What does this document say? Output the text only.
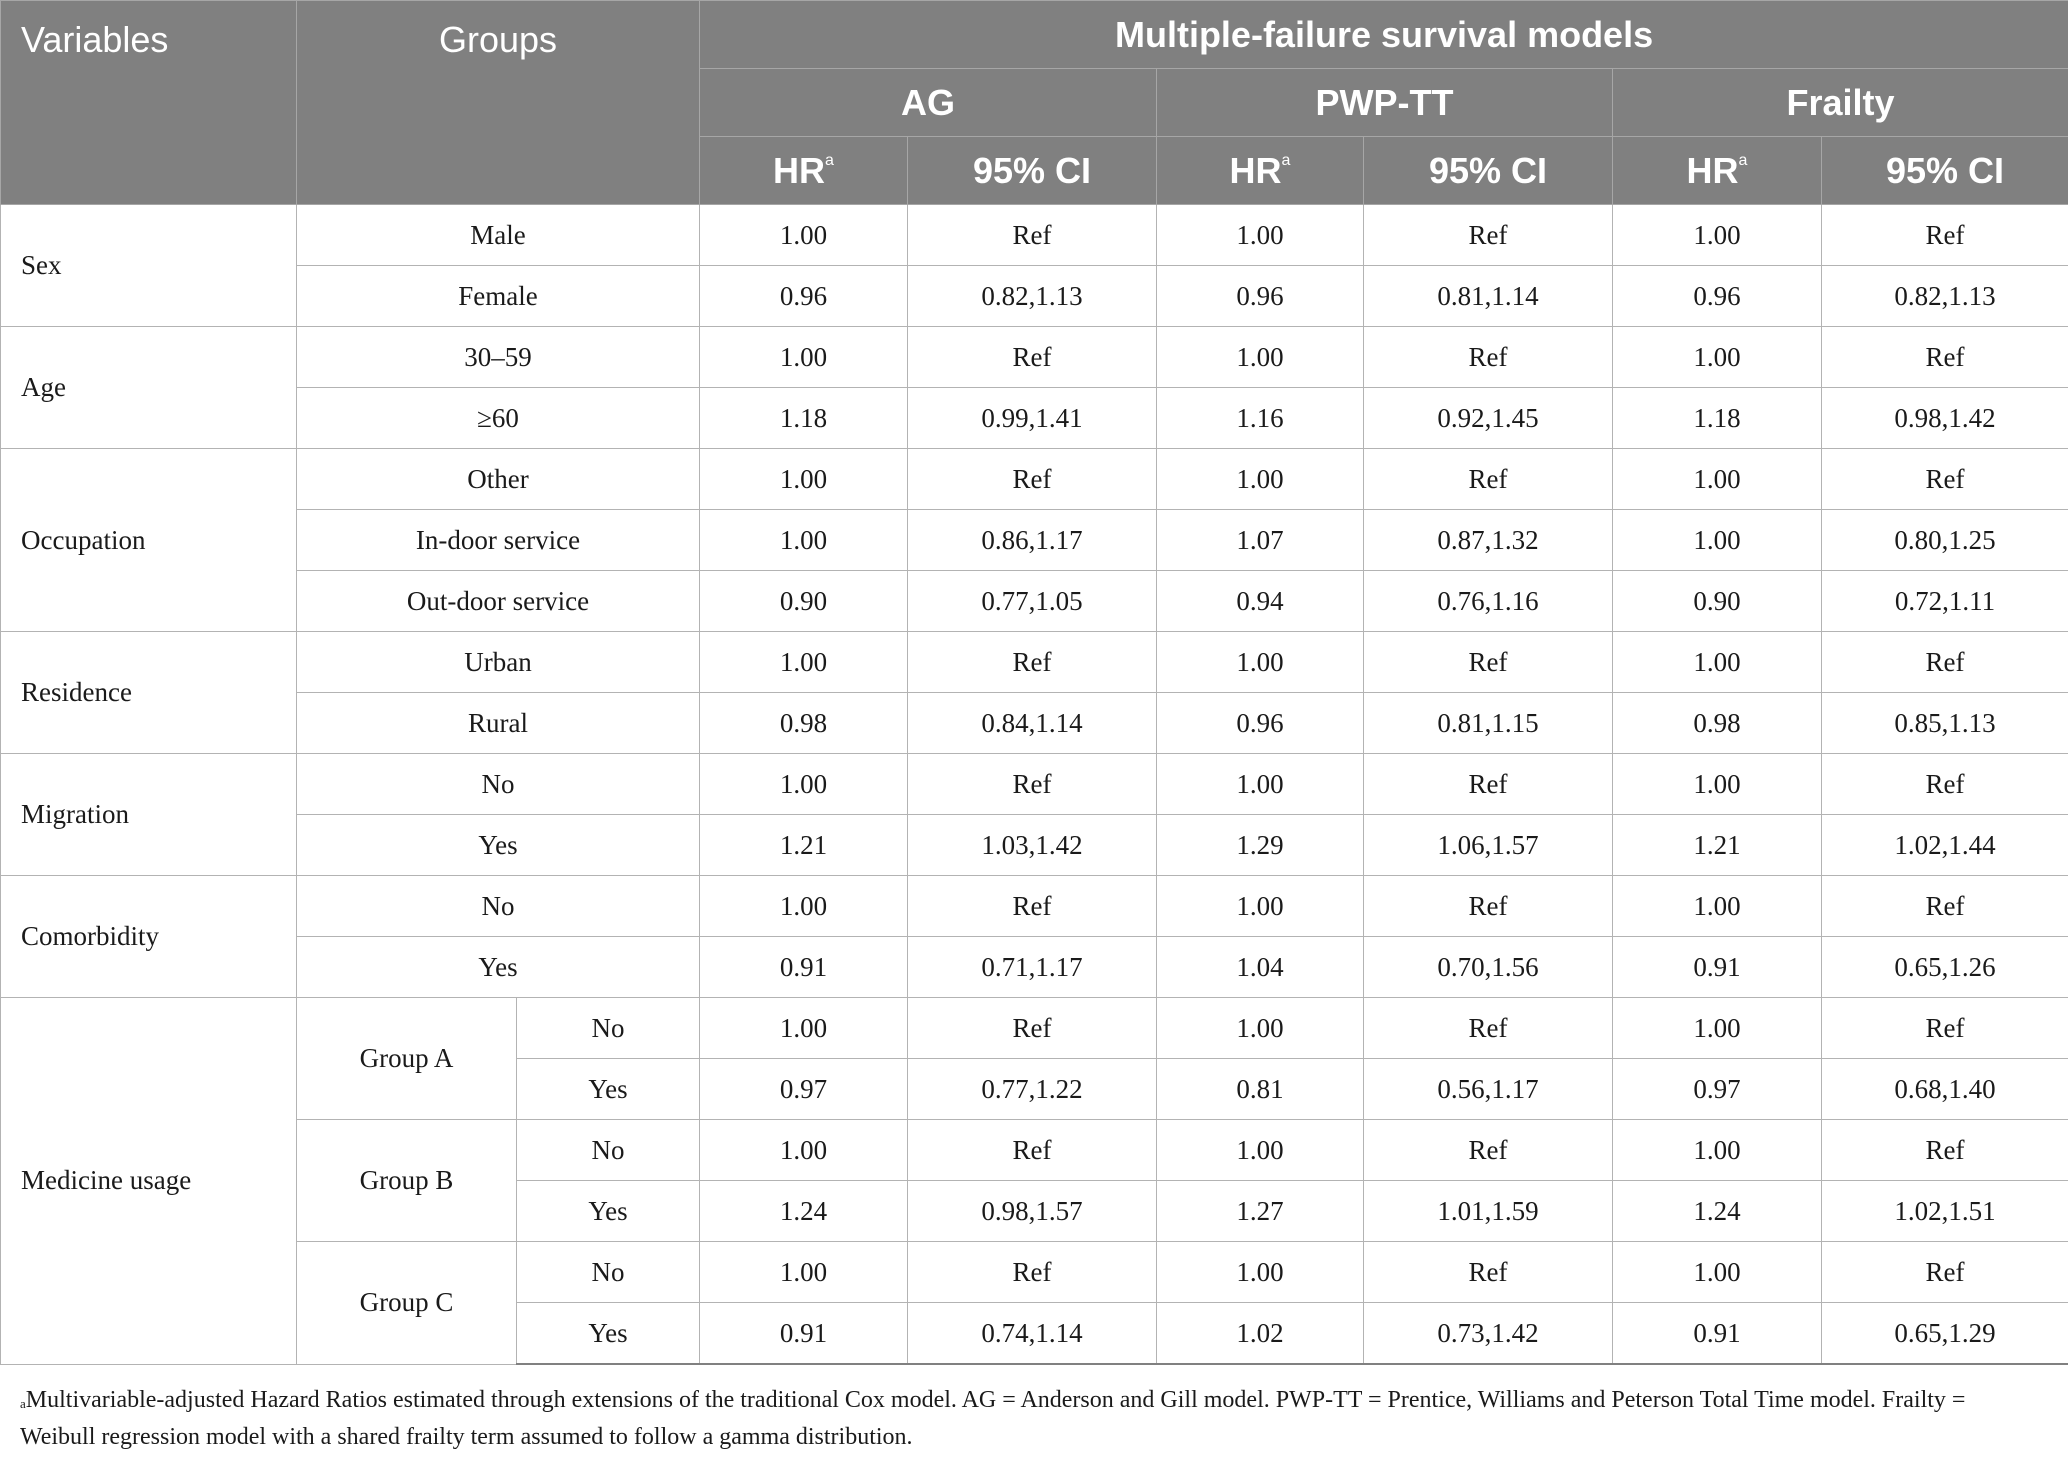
Variables	Groups		Multiple-failure survival models					
			AG		PWP-TT		Frailty	
			$HR^a$	95% CI	$HR^a$	95% CI	$HR^a$	95% CI
Sex	Male		1.00	Ref	1.00	Ref	1.00	Ref
	Female		0.96	0.82,1.13	0.96	0.81,1.14	0.96	0.82,1.13
Age	30–59		1.00	Ref	1.00	Ref	1.00	Ref
	≥60		1.18	0.99,1.41	1.16	0.92,1.45	1.18	0.98,1.42
Occupation	Other		1.00	Ref	1.00	Ref	1.00	Ref
	In-door service		1.00	0.86,1.17	1.07	0.87,1.32	1.00	0.80,1.25
	Out-door service		0.90	0.77,1.05	0.94	0.76,1.16	0.90	0.72,1.11
Residence	Urban		1.00	Ref	1.00	Ref	1.00	Ref
	Rural		0.98	0.84,1.14	0.96	0.81,1.15	0.98	0.85,1.13
Migration	No		1.00	Ref	1.00	Ref	1.00	Ref
	Yes		1.21	1.03,1.42	1.29	1.06,1.57	1.21	1.02,1.44
Comorbidity	No		1.00	Ref	1.00	Ref	1.00	Ref
	Yes		0.91	0.71,1.17	1.04	0.70,1.56	0.91	0.65,1.26
Medicine usage	Group A	No	1.00	Ref	1.00	Ref	1.00	Ref
		Yes	0.97	0.77,1.22	0.81	0.56,1.17	0.97	0.68,1.40
	Group B	No	1.00	Ref	1.00	Ref	1.00	Ref
		Yes	1.24	0.98,1.57	1.27	1.01,1.59	1.24	1.02,1.51
	Group C	No	1.00	Ref	1.00	Ref	1.00	Ref
		Yes	0.91	0.74,1.14	1.02	0.73,1.42	0.91	0.65,1.29
$^a$Multivariable-adjusted Hazard Ratios estimated through extensions of the traditional Cox model. AG = Anderson and Gill model. PWP-TT = Prentice, Williams and Peterson Total Time model. Frailty = Weibull regression model with a shared frailty term assumed to follow a gamma distribution.
